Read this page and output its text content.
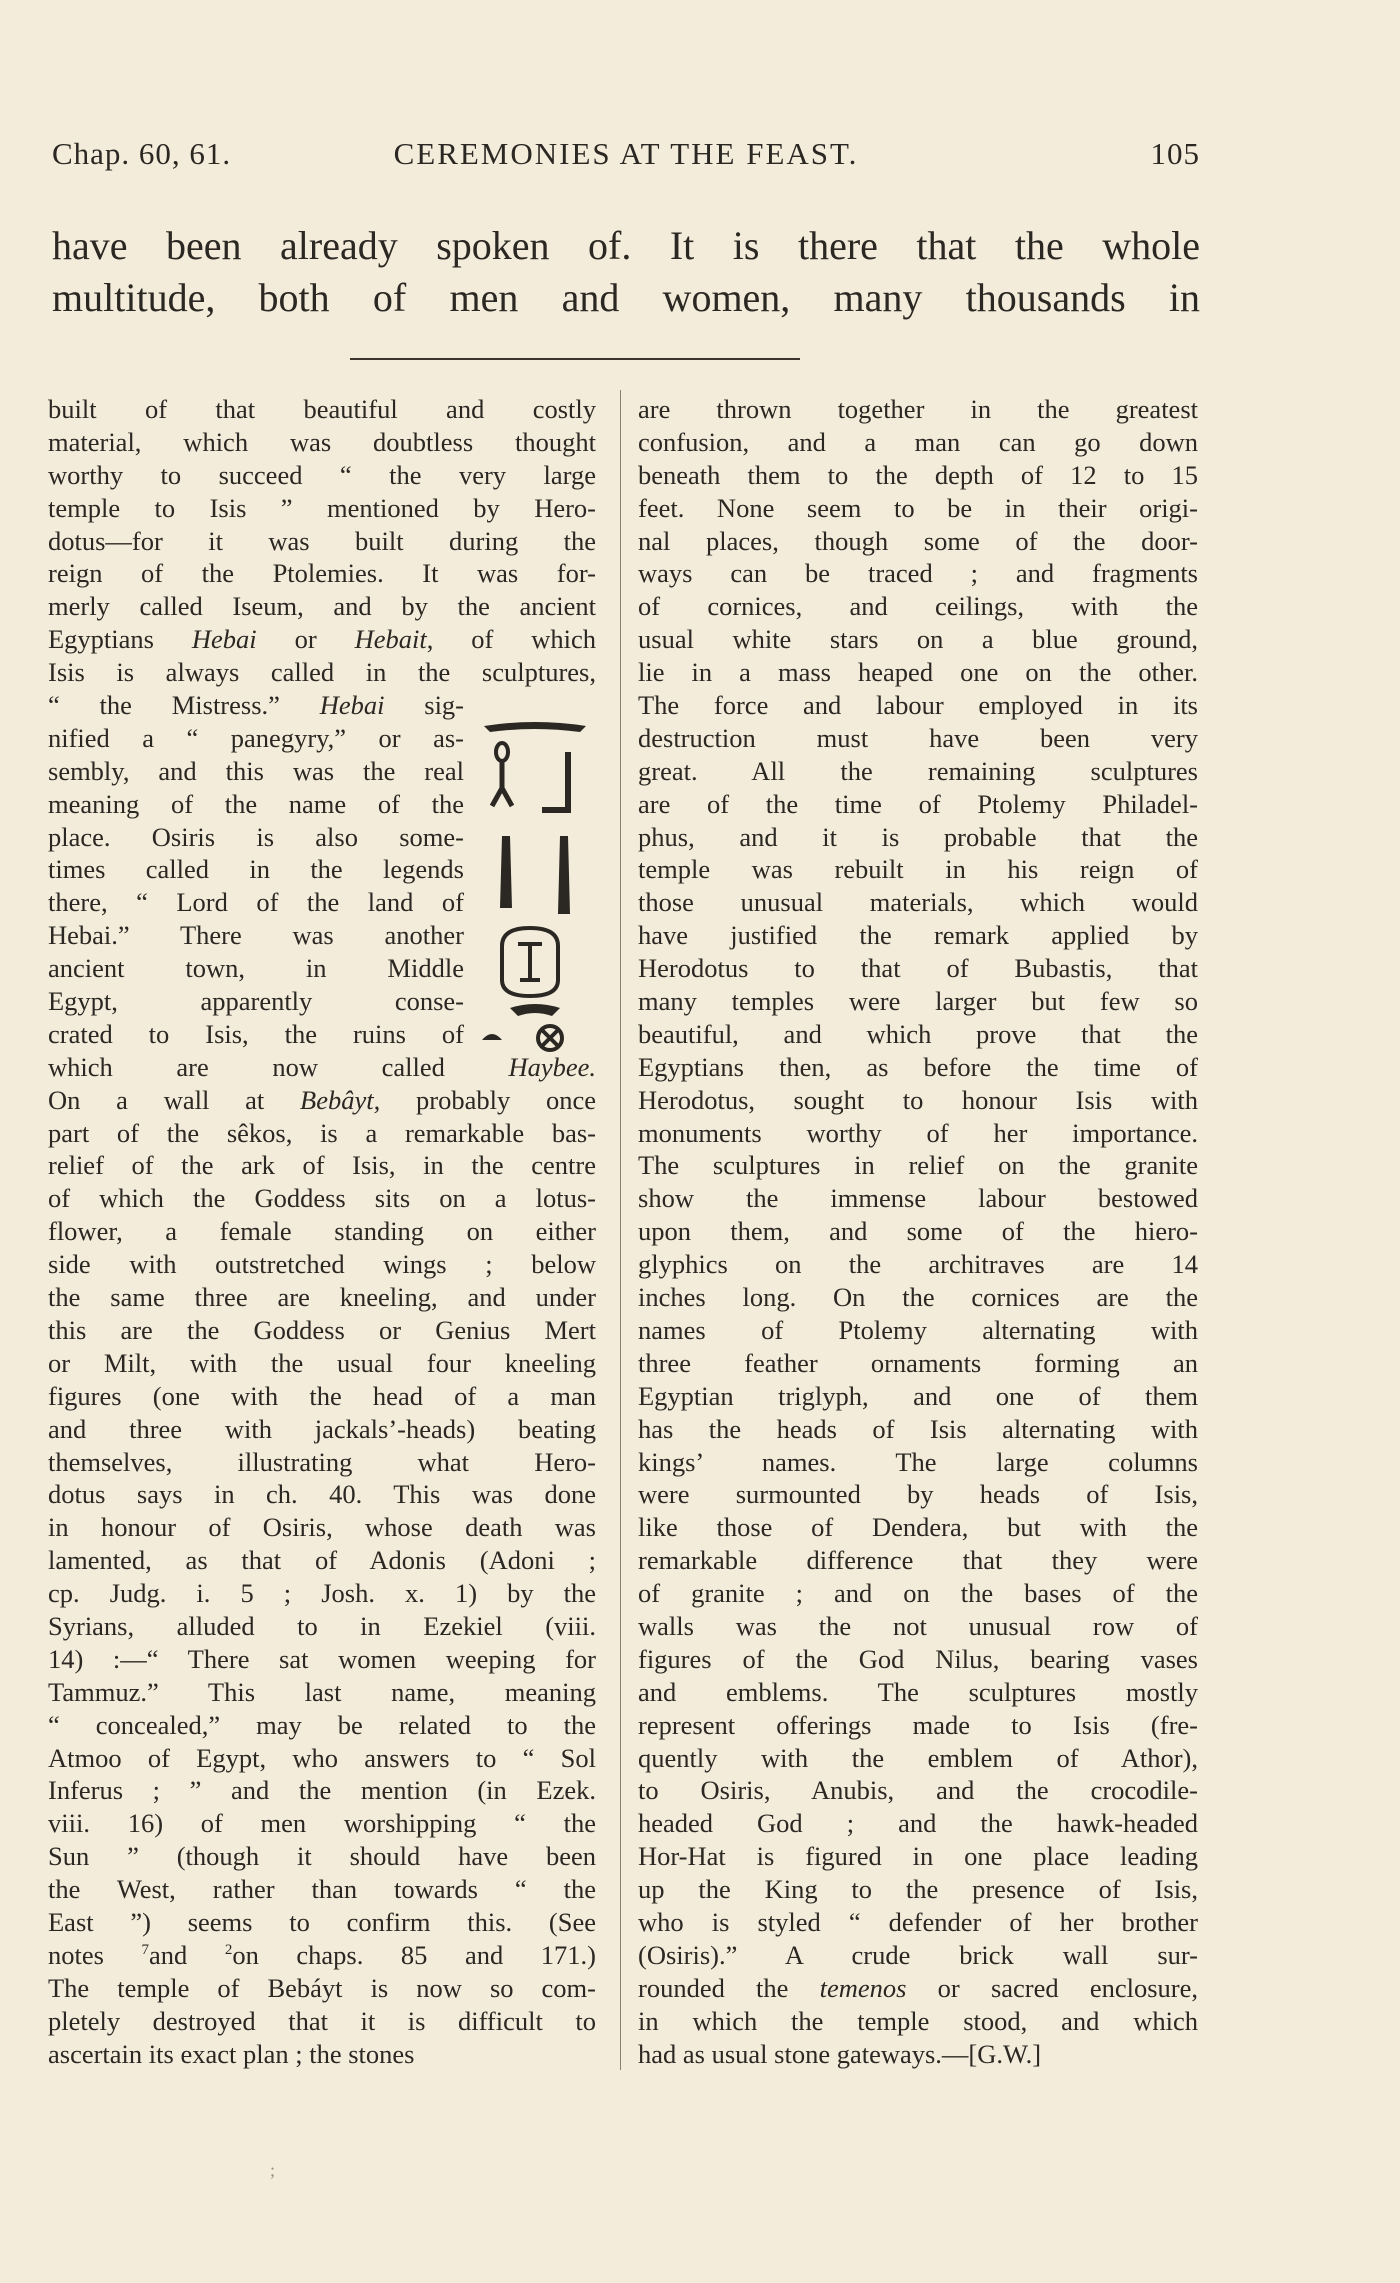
Chap. 60, 61.	CEREMONIES AT THE FEAST.	105
have been already spoken of. It is there that the whole
multitude, both of men and women, many thousands in
built of that beautiful and costly
material, which was doubtless thought
worthy to succeed “ the very large
temple to Isis ” mentioned by Hero-
dotus—for it was built during the
reign of the Ptolemies. It was for-
merly called Iseum, and by the ancient
Egyptians Hebai or Hebait, of which
Isis is always called in the sculptures,
“ the Mistress.” Hebai sig-
nified a “ panegyry,” or as-
sembly, and this was the real
meaning of the name of the
place. Osiris is also some-
times called in the legends
there, “ Lord of the land of
Hebai.” There was another
ancient town, in Middle
Egypt, apparently conse-
crated to Isis, the ruins of
which are now called Haybee.
On a wall at Bebâyt, probably once
part of the sêkos, is a remarkable bas-
relief of the ark of Isis, in the centre
of which the Goddess sits on a lotus-
flower, a female standing on either
side with outstretched wings ; below
the same three are kneeling, and under
this are the Goddess or Genius Mert
or Milt, with the usual four kneeling
figures (one with the head of a man
and three with jackals’-heads) beating
themselves, illustrating what Hero-
dotus says in ch. 40. This was done
in honour of Osiris, whose death was
lamented, as that of Adonis (Adoni ;
cp. Judg. i. 5 ; Josh. x. 1) by the
Syrians, alluded to in Ezekiel (viii.
14) :—“ There sat women weeping for
Tammuz.” This last name, meaning
“ concealed,” may be related to the
Atmoo of Egypt, who answers to “ Sol
Inferus ; ” and the mention (in Ezek.
viii. 16) of men worshipping “ the
Sun ” (though it should have been
the West, rather than towards “ the
East ”) seems to confirm this. (See
notes	$^7$and	$^2$on chaps. 85 and 171.)
The temple of Bebáyt is now so com-
pletely destroyed that it is difficult to
ascertain its exact plan ; the stones
are thrown together in the greatest
confusion, and a man can go down
beneath them to the depth of 12 to 15
feet. None seem to be in their origi-
nal places, though some of the door-
ways can be traced ; and fragments
of cornices, and ceilings, with the
usual white stars on a blue ground,
lie in a mass heaped one on the other.
The force and labour employed in its
destruction must have been very
great. All the remaining sculptures
are of the time of Ptolemy Philadel-
phus, and it is probable that the
temple was rebuilt in his reign of
those unusual materials, which would
have justified the remark applied by
Herodotus to that of Bubastis, that
many temples were larger but few so
beautiful, and which prove that the
Egyptians then, as before the time of
Herodotus, sought to honour Isis with
monuments worthy of her importance.
The sculptures in relief on the granite
show the immense labour bestowed
upon them, and some of the hiero-
glyphics on the architraves are 14
inches long. On the cornices are the
names of Ptolemy alternating with
three feather ornaments forming an
Egyptian triglyph, and one of them
has the heads of Isis alternating with
kings’ names. The large columns
were surmounted by heads of Isis,
like those of Dendera, but with the
remarkable difference that they were
of granite ; and on the bases of the
walls was the not unusual row of
figures of the God Nilus, bearing vases
and emblems. The sculptures mostly
represent offerings made to Isis (fre-
quently with the emblem of Athor),
to Osiris, Anubis, and the crocodile-
headed God ; and the hawk-headed
Hor-Hat is figured in one place leading
up the King to the presence of Isis,
who is styled “ defender of her brother
(Osiris).” A crude brick wall sur-
rounded the temenos or sacred enclosure,
in which the temple stood, and which
had as usual stone gateways.—[G.W.]
;
